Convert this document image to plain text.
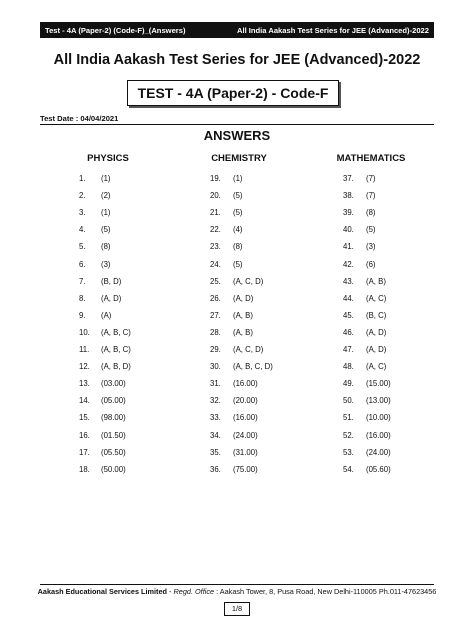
Test - 4A (Paper-2) (Code-F)_(Answers)	All India Aakash Test Series for JEE (Advanced)-2022
All India Aakash Test Series for JEE (Advanced)-2022
TEST - 4A (Paper-2) - Code-F
Test Date : 04/04/2021
ANSWERS
PHYSICS	CHEMISTRY	MATHEMATICS
1. (1)	19. (1)	37. (7)
2. (2)	20. (5)	38. (7)
3. (1)	21. (5)	39. (8)
4. (5)	22. (4)	40. (5)
5. (8)	23. (8)	41. (3)
6. (3)	24. (5)	42. (6)
7. (B, D)	25. (A, C, D)	43. (A, B)
8. (A, D)	26. (A, D)	44. (A, C)
9. (A)	27. (A, B)	45. (B, C)
10. (A, B, C)	28. (A, B)	46. (A, D)
11. (A, B, C)	29. (A, C, D)	47. (A, D)
12. (A, B, D)	30. (A, B, C, D)	48. (A, C)
13. (03.00)	31. (16.00)	49. (15.00)
14. (05.00)	32. (20.00)	50. (13.00)
15. (98.00)	33. (16.00)	51. (10.00)
16. (01.50)	34. (24.00)	52. (16.00)
17. (05.50)	35. (31.00)	53. (24.00)
18. (50.00)	36. (75.00)	54. (05.60)
Aakash Educational Services Limited - Regd. Office : Aakash Tower, 8, Pusa Road, New Delhi-110005 Ph.011-47623456
1/8
